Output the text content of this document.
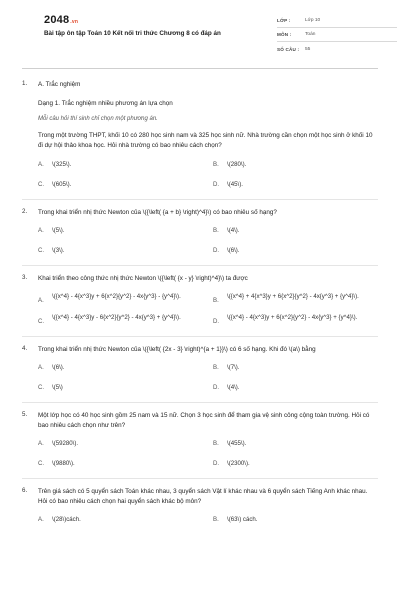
2048.vn
Bài tập ôn tập Toán 10 Kết nối tri thức Chương 8 có đáp án
LỚP :	Lớp 10
MÔN :	Toán
SỐ CÂU :	55
1. A. Trắc nghiệm
Dạng 1. Trắc nghiệm nhiều phương án lựa chọn
Mỗi câu hỏi thí sinh chỉ chọn một phương án.
Trong một trường THPT, khối 10 có 280 học sinh nam và 325 học sinh nữ. Nhà trường cần chọn một học sinh ở khối 10 đi dự hội thảo khoa học. Hỏi nhà trường có bao nhiêu cách chọn?
A.	\(325\).	B.	\(280\).
C.	\(605\).	D.	\(45\).
2. Trong khai triển nhị thức Newton của \({\left( {a + b} \right)^4}\) có bao nhiêu số hạng?
A.	\(5\).	B.	\(4\).
C.	\(3\).	D.	\(6\).
3. Khai triển theo công thức nhị thức Newton \({\left( {x - y} \right)^4}\) ta được
A.
\({x^4} - 4{x^3}y + 6{x^2}{y^2} - 4x{y^3} - {y^4}\).
B.
\({x^4} + 4{x^3}y + 6{x^2}{y^2} - 4x{y^3} + {y^4}\).
C.
\({x^4} - 4{x^3}y - 6{x^2}{y^2} - 4x{y^3} + {y^4}\).
D.
\({x^4} - 4{x^3}y + 6{x^2}{y^2} - 4x{y^3} + {y^4}\).
4. Trong khai triển nhị thức Newton của \({\left( {2x - 3} \right)^{a + 1}}\) có 6 số hạng. Khi đó \(a\) bằng
A.	\(6\).	B.	\(7\).
C.	\(5\)	D.	\(4\).
5. Một lớp học có 40 học sinh gồm 25 nam và 15 nữ. Chọn 3 học sinh để tham gia vệ sinh công cộng toàn trường. Hỏi có bao nhiêu cách chọn như trên?
A.	\(59280\).	B.	\(455\).
C.	\(9880\).	D.	\(2300\).
6. Trên giá sách có 5 quyển sách Toán khác nhau, 3 quyển sách Vật lí khác nhau và 6 quyển sách Tiếng Anh khác nhau. Hỏi có bao nhiêu cách chọn hai quyển sách khác bộ môn?
A.	\(28\)cách.	B.	\(63\) cách.
